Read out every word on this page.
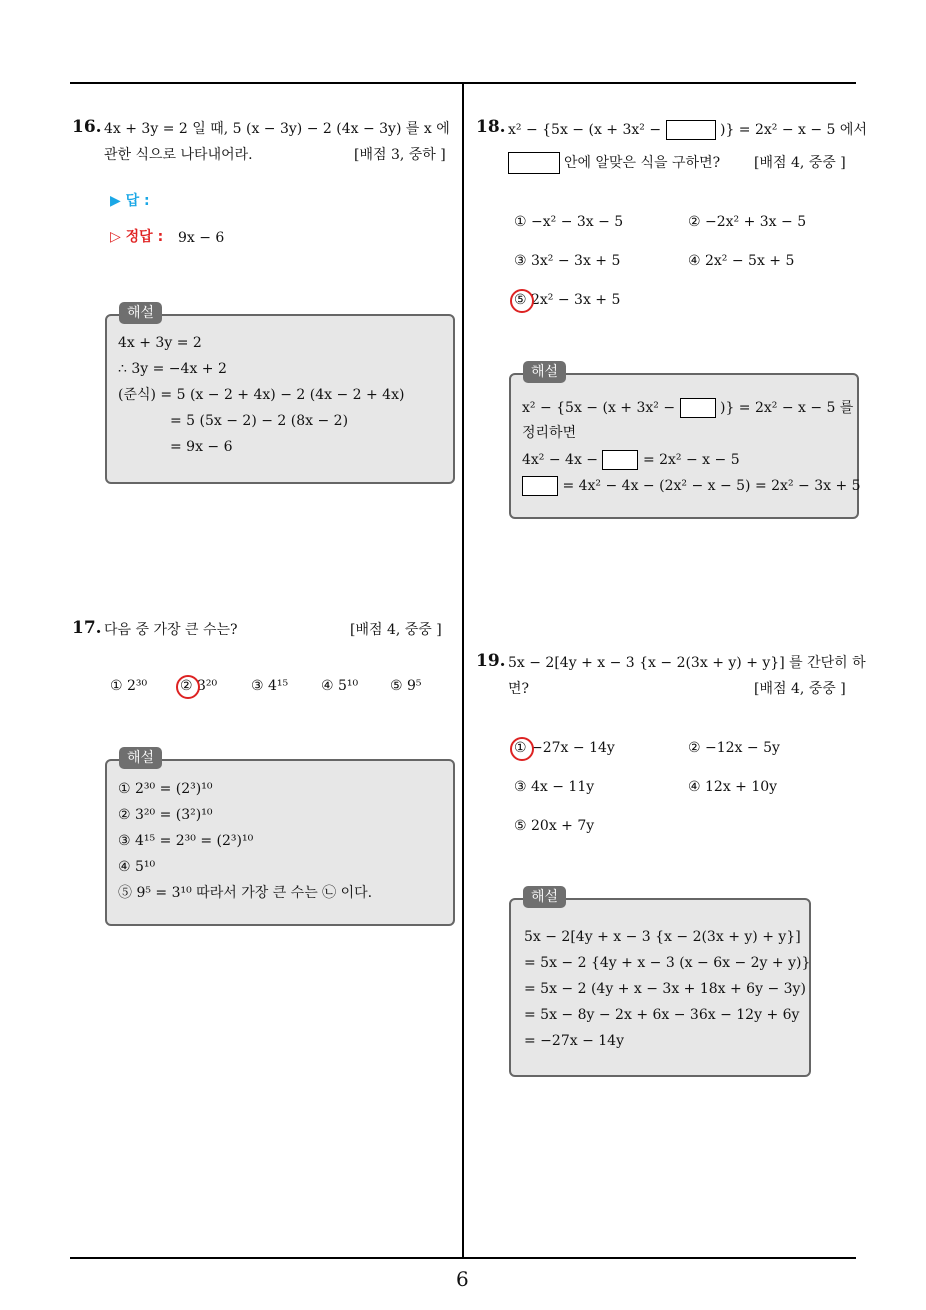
6
16. 4x + 3y = 2 일 때, 5 (x − 3y) − 2 (4x − 3y) 를 x 에
관한 식으로 나타내어라.	[배점 3, 중하 ]
▶ 답 :
▷ 정답 : 9x − 6
해설
4x + 3y = 2
∴ 3y = −4x + 2
(준식) = 5 (x − 2 + 4x) − 2 (4x − 2 + 4x)
= 5 (5x − 2) − 2 (8x − 2)
= 9x − 6
17. 다음 중 가장 큰 수는?	[배점 4, 중중 ]
① 2³⁰ ② 3²⁰ ③ 4¹⁵ ④ 5¹⁰ ⑤ 9⁵
해설
① 2³⁰ = (2³)¹⁰
② 3²⁰ = (3²)¹⁰
③ 4¹⁵ = 2³⁰ = (2³)¹⁰
④ 5¹⁰
⑤ 9⁵ = 3¹⁰ 따라서 가장 큰 수는 ㉡ 이다.
18. x² − {5x − (x + 3x² −	)} = 2x² − x − 5 에서
안에 알맞은 식을 구하면? [배점 4, 중중 ]
① −x² − 3x − 5	② −2x² + 3x − 5
③ 3x² − 3x + 5	④ 2x² − 5x + 5
⑤ 2x² − 3x + 5
해설
x² − {5x − (x + 3x² −	)} = 2x² − x − 5 를
정리하면
4x² − 4x −	= 2x² − x − 5
= 4x² − 4x − (2x² − x − 5) = 2x² − 3x + 5
19. 5x − 2[4y + x − 3 {x − 2(3x + y) + y}] 를 간단히 하
면?	[배점 4, 중중 ]
① −27x − 14y	② −12x − 5y
③ 4x − 11y	④ 12x + 10y
⑤ 20x + 7y
해설
5x − 2[4y + x − 3 {x − 2(3x + y) + y}]
= 5x − 2 {4y + x − 3 (x − 6x − 2y + y)}
= 5x − 2 (4y + x − 3x + 18x + 6y − 3y)
= 5x − 8y − 2x + 6x − 36x − 12y + 6y
= −27x − 14y
